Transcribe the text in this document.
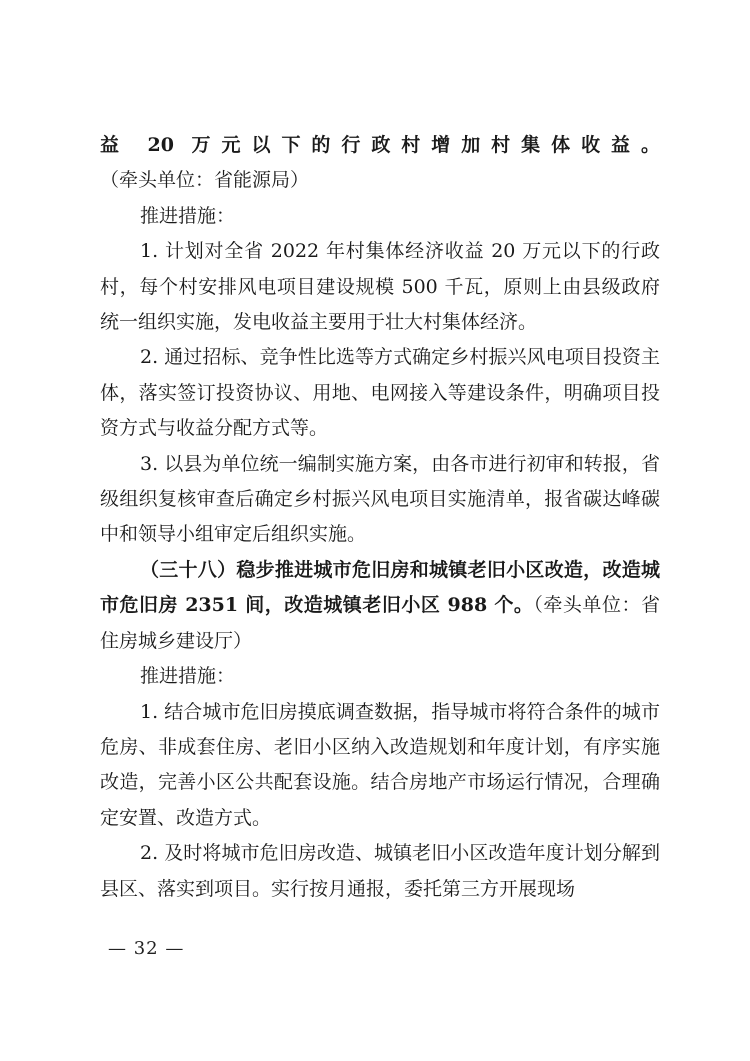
益 20 万元以下的行政村增加村集体收益。（牵头单位：省能源局）

推进措施：

1. 计划对全省 2022 年村集体经济收益 20 万元以下的行政村，每个村安排风电项目建设规模 500 千瓦，原则上由县级政府统一组织实施，发电收益主要用于壮大村集体经济。

2. 通过招标、竞争性比选等方式确定乡村振兴风电项目投资主体，落实签订投资协议、用地、电网接入等建设条件，明确项目投资方式与收益分配方式等。

3. 以县为单位统一编制实施方案，由各市进行初审和转报，省级组织复核审查后确定乡村振兴风电项目实施清单，报省碳达峰碳中和领导小组审定后组织实施。

（三十八）稳步推进城市危旧房和城镇老旧小区改造，改造城市危旧房 2351 间，改造城镇老旧小区 988 个。（牵头单位：省住房城乡建设厅）

推进措施：

1. 结合城市危旧房摸底调查数据，指导城市将符合条件的城市危房、非成套住房、老旧小区纳入改造规划和年度计划，有序实施改造，完善小区公共配套设施。结合房地产市场运行情况，合理确定安置、改造方式。

2. 及时将城市危旧房改造、城镇老旧小区改造年度计划分解到县区、落实到项目。实行按月通报，委托第三方开展现场

— 32 —
